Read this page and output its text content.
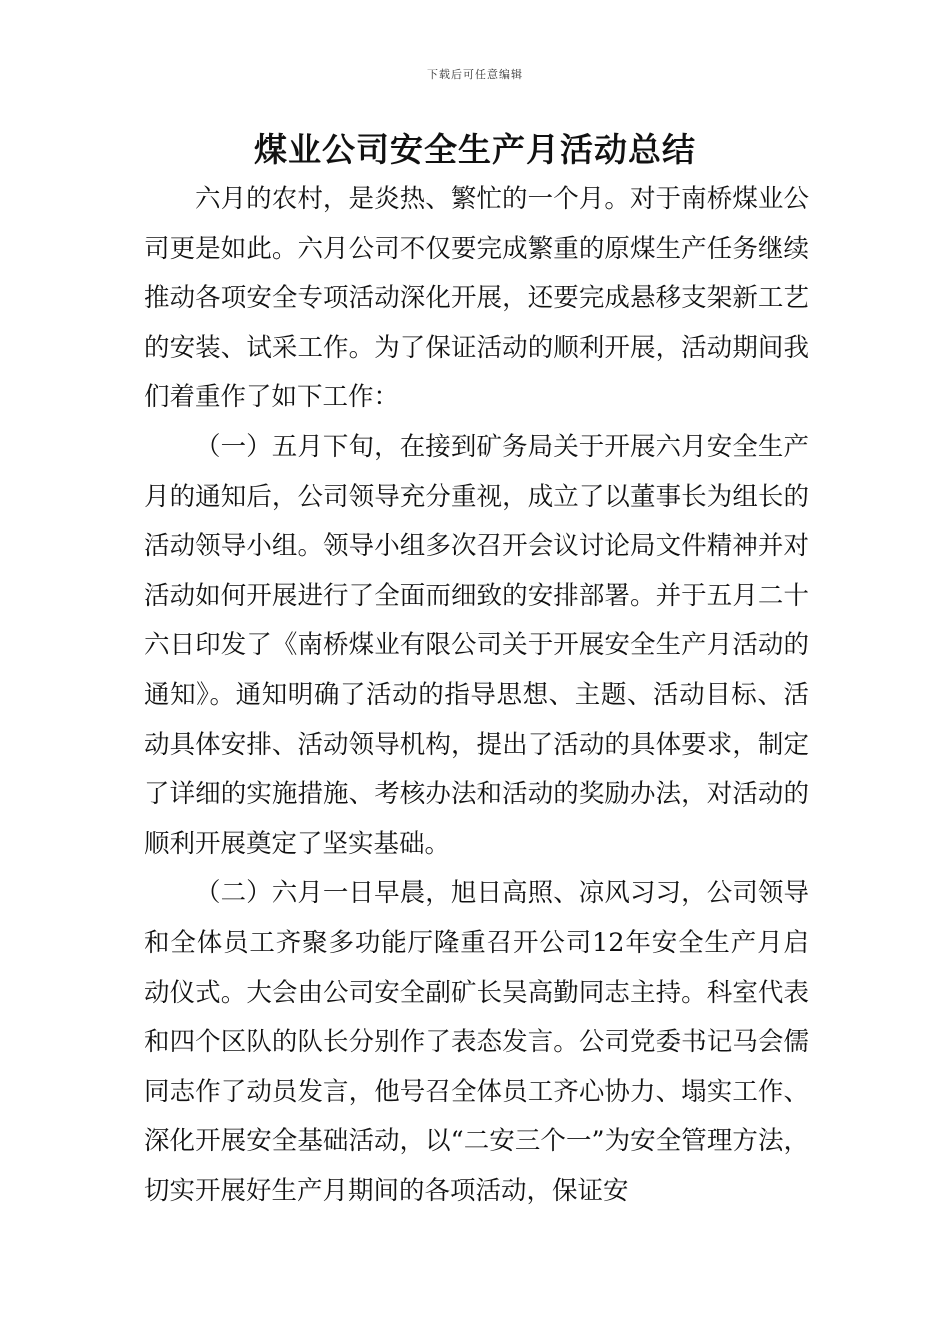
下载后可任意编辑
煤业公司安全生产月活动总结

六月的农村，是炎热、繁忙的一个月。对于南桥煤业公司更是如此。六月公司不仅要完成繁重的原煤生产任务继续推动各项安全专项活动深化开展，还要完成悬移支架新工艺的安装、试采工作。为了保证活动的顺利开展，活动期间我们着重作了如下工作：

（一）五月下旬，在接到矿务局关于开展六月安全生产月的通知后，公司领导充分重视，成立了以董事长为组长的活动领导小组。领导小组多次召开会议讨论局文件精神并对活动如何开展进行了全面而细致的安排部署。并于五月二十六日印发了《南桥煤业有限公司关于开展安全生产月活动的通知》。通知明确了活动的指导思想、主题、活动目标、活动具体安排、活动领导机构，提出了活动的具体要求，制定了详细的实施措施、考核办法和活动的奖励办法，对活动的顺利开展奠定了坚实基础。

（二）六月一日早晨，旭日高照、凉风习习，公司领导和全体员工齐聚多功能厅隆重召开公司12年安全生产月启动仪式。大会由公司安全副矿长吴高勤同志主持。科室代表和四个区队的队长分别作了表态发言。公司党委书记马会儒同志作了动员发言，他号召全体员工齐心协力、塌实工作、深化开展安全基础活动，以“二安三个一”为安全管理方法，切实开展好生产月期间的各项活动，保证安
